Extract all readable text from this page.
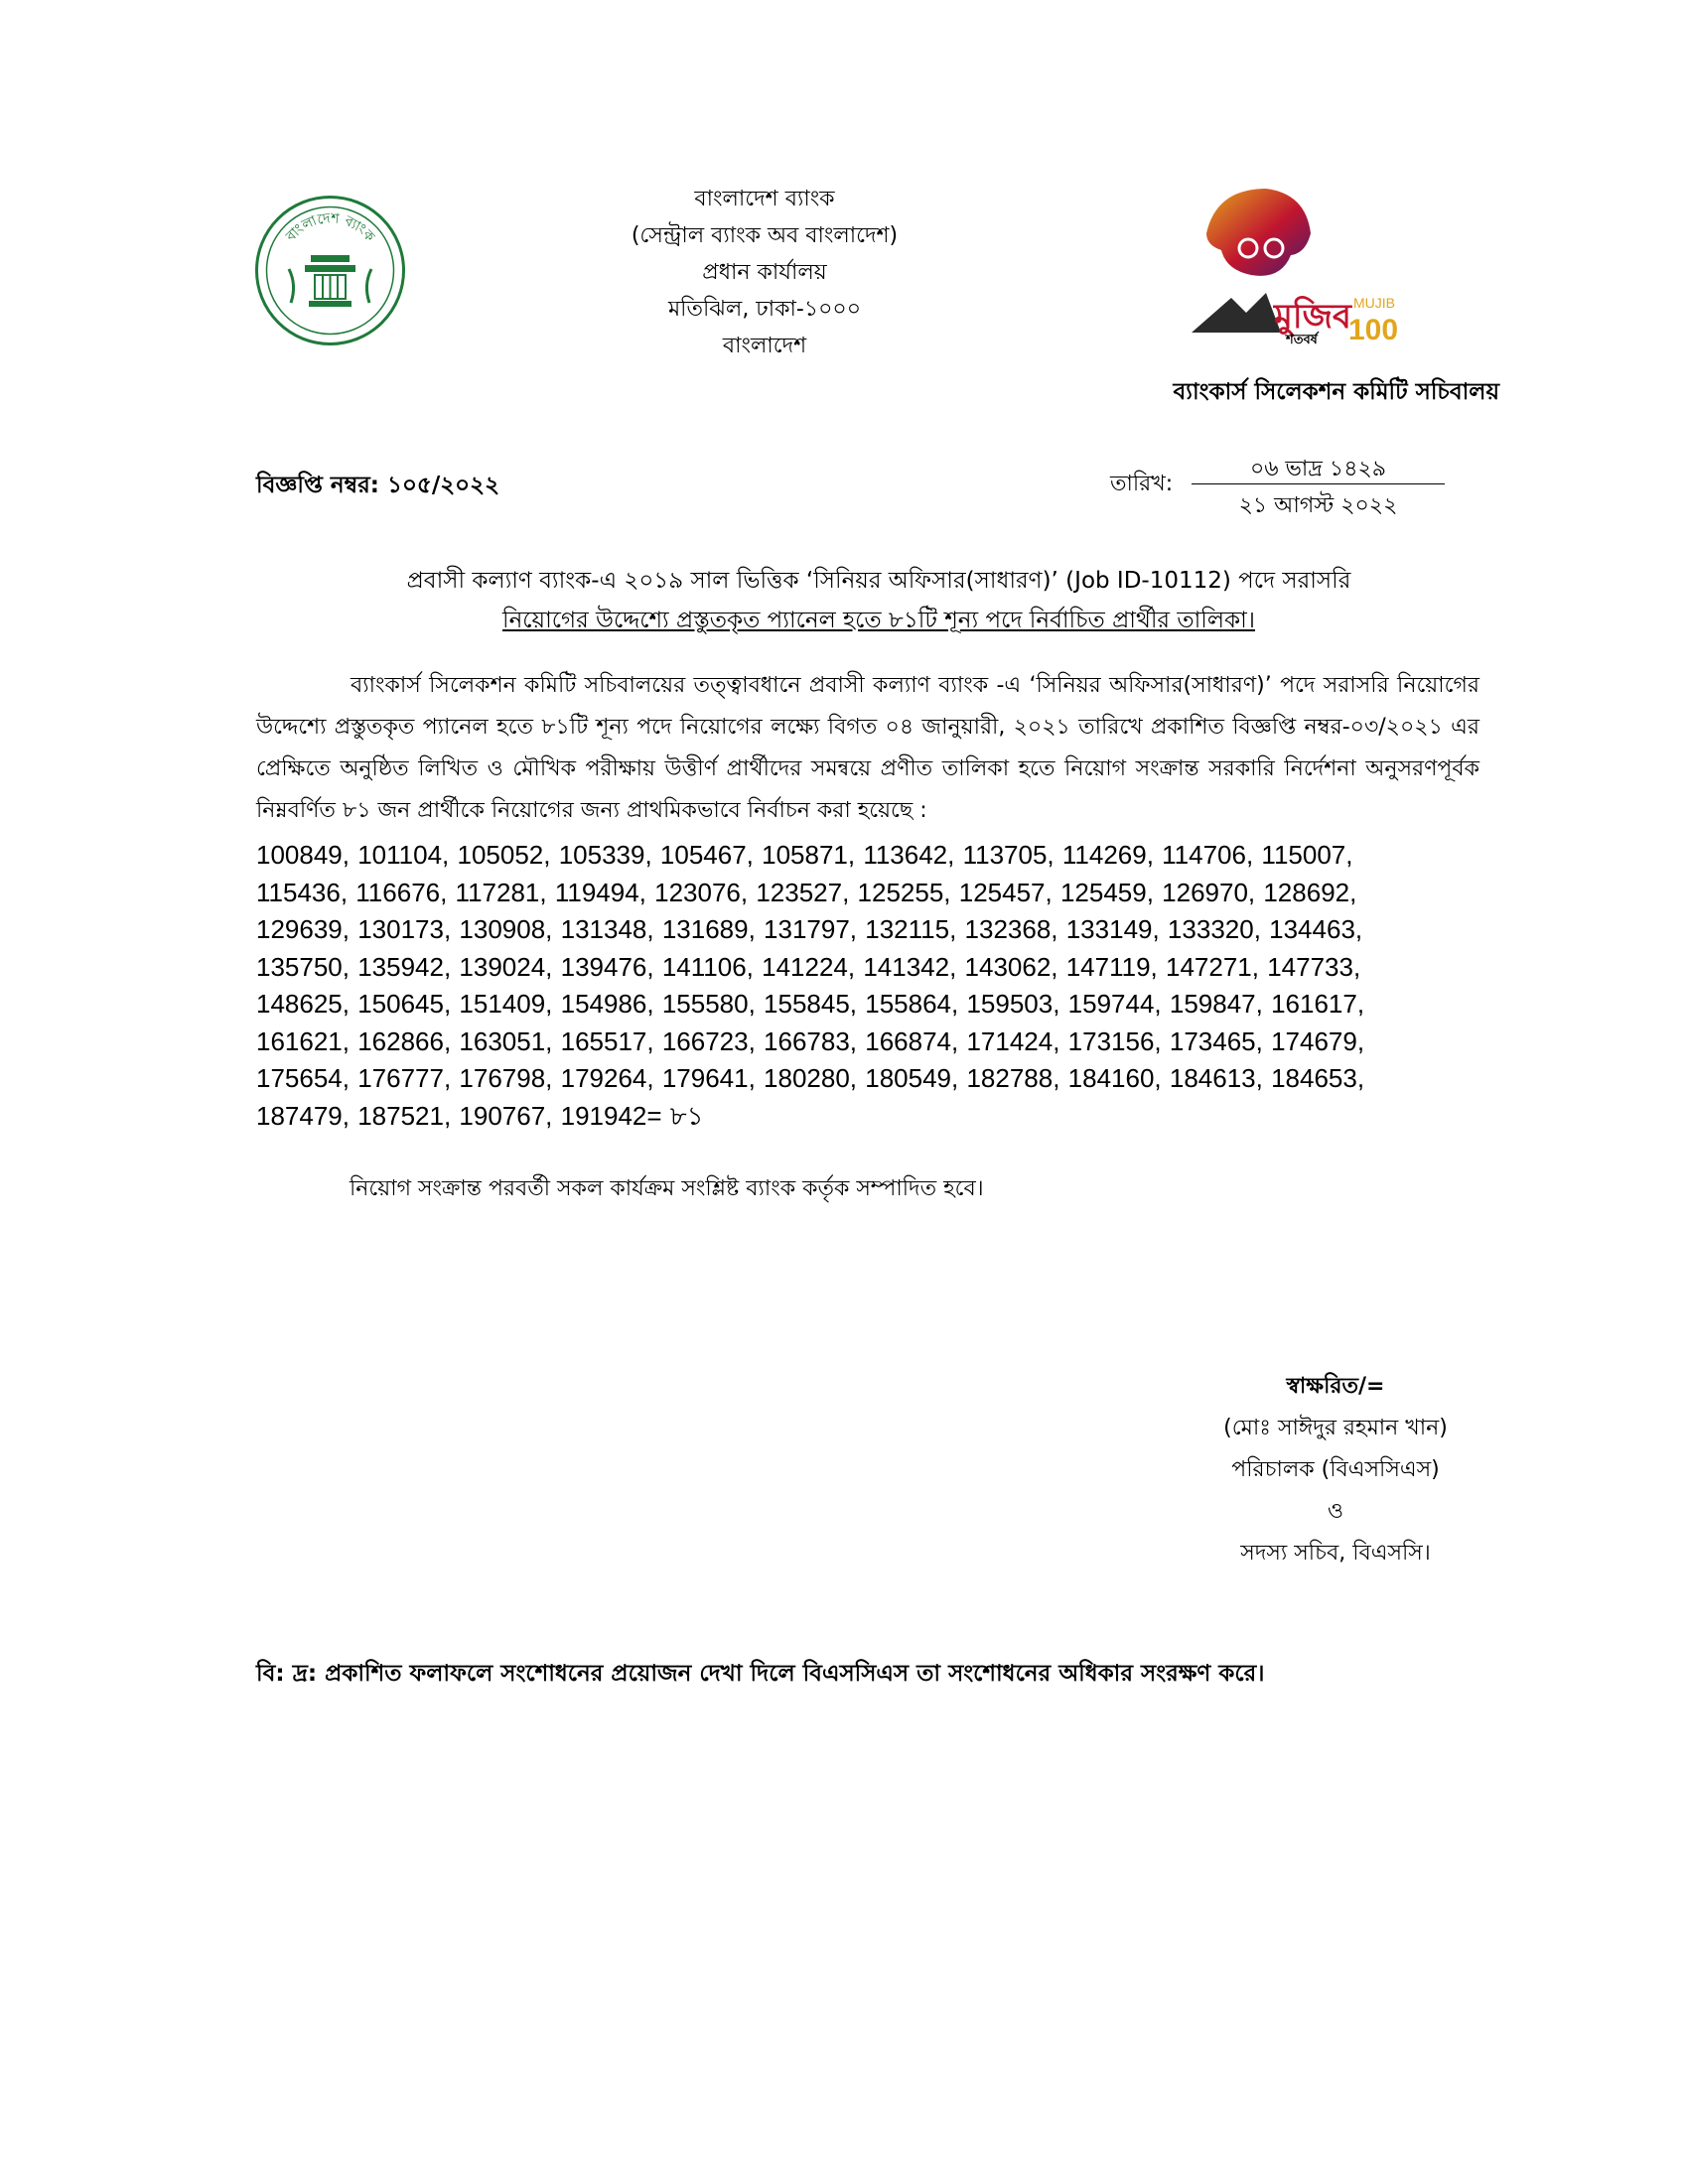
বাংলাদেশ ব্যাংক
বাংলাদেশ ব্যাংক
(সেন্ট্রাল ব্যাংক অব বাংলাদেশ)
প্রধান কার্যালয়
মতিঝিল, ঢাকা-১০০০
বাংলাদেশ
মুজিব
শতবর্ষ
MUJIB
100
ব্যাংকার্স সিলেকশন কমিটি সচিবালয়
বিজ্ঞপ্তি নম্বর: ১০৫/২০২২	তারিখ:
০৬ ভাদ্র ১৪২৯
২১ আগস্ট ২০২২
প্রবাসী কল্যাণ ব্যাংক-এ ২০১৯ সাল ভিত্তিক ‘সিনিয়র অফিসার(সাধারণ)’ (Job ID-10112) পদে সরাসরি
নিয়োগের উদ্দেশ্যে প্রস্তুতকৃত প্যানেল হতে ৮১টি শূন্য পদে নির্বাচিত প্রার্থীর তালিকা।

ব্যাংকার্স সিলেকশন কমিটি সচিবালয়ের তত্ত্বাবধানে প্রবাসী কল্যাণ ব্যাংক -এ ‘সিনিয়র অফিসার(সাধারণ)’ পদে সরাসরি নিয়োগের উদ্দেশ্যে প্রস্তুতকৃত প্যানেল হতে ৮১টি শূন্য পদে নিয়োগের লক্ষ্যে বিগত ০৪ জানুয়ারী, ২০২১ তারিখে প্রকাশিত বিজ্ঞপ্তি নম্বর-০৩/২০২১ এর প্রেক্ষিতে অনুষ্ঠিত লিখিত ও মৌখিক পরীক্ষায় উত্তীর্ণ প্রার্থীদের সমন্বয়ে প্রণীত তালিকা হতে নিয়োগ সংক্রান্ত সরকারি নির্দেশনা অনুসরণপূর্বক নিম্নবর্ণিত ৮১ জন প্রার্থীকে নিয়োগের জন্য প্রাথমিকভাবে নির্বাচন করা হয়েছে :

100849, 101104, 105052, 105339, 105467, 105871, 113642, 113705, 114269, 114706, 115007,
115436, 116676, 117281, 119494, 123076, 123527, 125255, 125457, 125459, 126970, 128692,
129639, 130173, 130908, 131348, 131689, 131797, 132115, 132368, 133149, 133320, 134463,
135750, 135942, 139024, 139476, 141106, 141224, 141342, 143062, 147119, 147271, 147733,
148625, 150645, 151409, 154986, 155580, 155845, 155864, 159503, 159744, 159847, 161617,
161621, 162866, 163051, 165517, 166723, 166783, 166874, 171424, 173156, 173465, 174679,
175654, 176777, 176798, 179264, 179641, 180280, 180549, 182788, 184160, 184613, 184653,
187479, 187521, 190767, 191942= ৮১
নিয়োগ সংক্রান্ত পরবর্তী সকল কার্যক্রম সংশ্লিষ্ট ব্যাংক কর্তৃক সম্পাদিত হবে।
স্বাক্ষরিত/=
(মোঃ সাঈদুর রহমান খান)
পরিচালক (বিএসসিএস)
ও
সদস্য সচিব, বিএসসি।
বি: দ্র: প্রকাশিত ফলাফলে সংশোধনের প্রয়োজন দেখা দিলে বিএসসিএস তা সংশোধনের অধিকার সংরক্ষণ করে।
